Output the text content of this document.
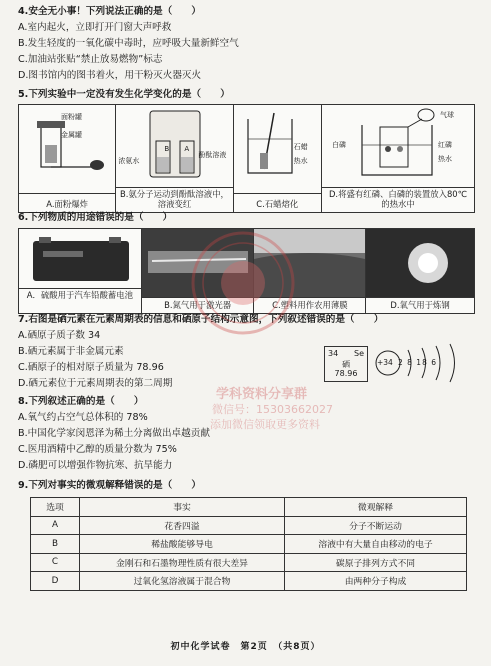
4.安全无小事！下列说法正确的是（　　）
A.室内起火，立即打开门窗大声呼救
B.发生轻度的一氧化碳中毒时，应呼吸大量新鲜空气
C.加油站张贴“禁止放易燃物”标志
D.图书馆内的图书着火，用干粉灭火器灭火
5.下列实验中一定没有发生化学变化的是（　　）
面粉罐
金属罐
A.面粉爆炸
浓氨水
酚酞溶液
B A
B.氨分子运动到酚酞溶液中，溶液变红
石蜡
热水
C.石蜡熔化
气球
白磷	红磷
热水
D.将盛有红磷、白磷的装置放入80℃的热水中
6.下列物质的用途错误的是（　　）
A．硫酸用于汽车铅酸蓄电池
B.氮气用于激光器	C.塑料用作农用薄膜	D.氧气用于炼钢
7.右图是硒元素在元素周期表的信息和硒原子结构示意图，下列叙述错误的是（　　）
A.硒原子质子数 34
B.硒元素属于非金属元素
C.硒原子的相对原子质量为 78.96
D.硒元素位于元素周期表的第二周期
34 Se
硒
78.96
+34 2 8 18 6
8.下列叙述正确的是（　　）
A.氧气约占空气总体积的 78%
B.中国化学家闵恩泽为稀土分离做出卓越贡献
C.医用酒精中乙醇的质量分数为 75%
D.磷肥可以增强作物抗寒、抗旱能力
9.下列对事实的微观解释错误的是（　　）
选项	事实	微观解释
A	花香四溢	分子不断运动
B	稀盐酸能够导电	溶液中有大量自由移动的电子
C	金刚石和石墨物理性质有很大差异	碳原子排列方式不同
D	过氧化氢溶液属于混合物	由两种分子构成
学科资料分享群
微信号：15303662027
添加微信领取更多资料
初中化学试卷　第2页　（共8页）
